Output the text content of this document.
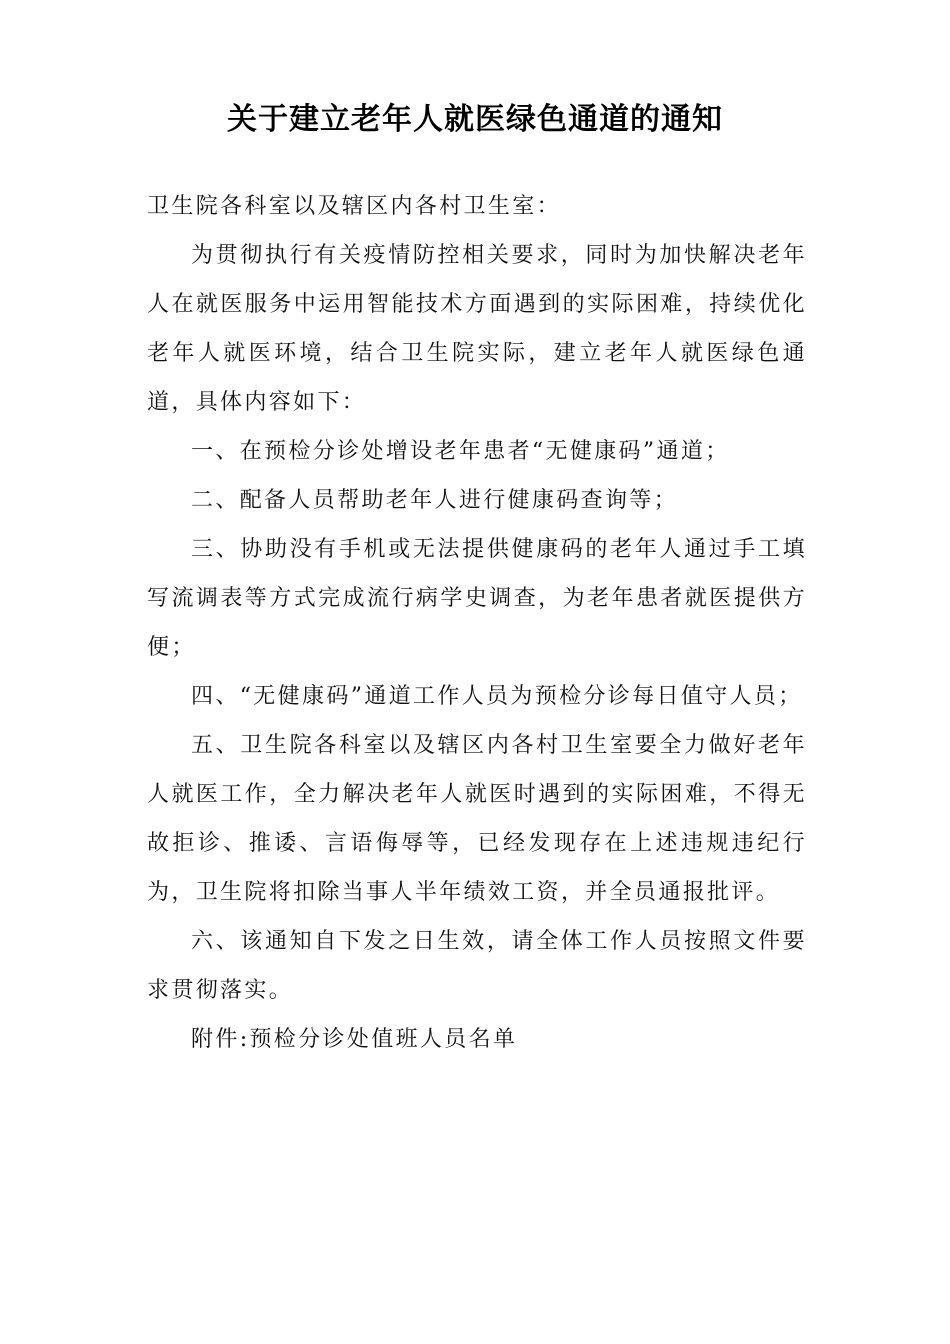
关于建立老年人就医绿色通道的通知

卫生院各科室以及辖区内各村卫生室：

为贯彻执行有关疫情防控相关要求，同时为加快解决老年人在就医服务中运用智能技术方面遇到的实际困难，持续优化老年人就医环境，结合卫生院实际，建立老年人就医绿色通道，具体内容如下：

一、在预检分诊处增设老年患者“无健康码”通道；

二、配备人员帮助老年人进行健康码查询等；

三、协助没有手机或无法提供健康码的老年人通过手工填写流调表等方式完成流行病学史调查，为老年患者就医提供方便；

四、“无健康码”通道工作人员为预检分诊每日值守人员；

五、卫生院各科室以及辖区内各村卫生室要全力做好老年人就医工作，全力解决老年人就医时遇到的实际困难，不得无故拒诊、推诿、言语侮辱等，已经发现存在上述违规违纪行为，卫生院将扣除当事人半年绩效工资，并全员通报批评。

六、该通知自下发之日生效，请全体工作人员按照文件要求贯彻落实。

附件:预检分诊处值班人员名单
